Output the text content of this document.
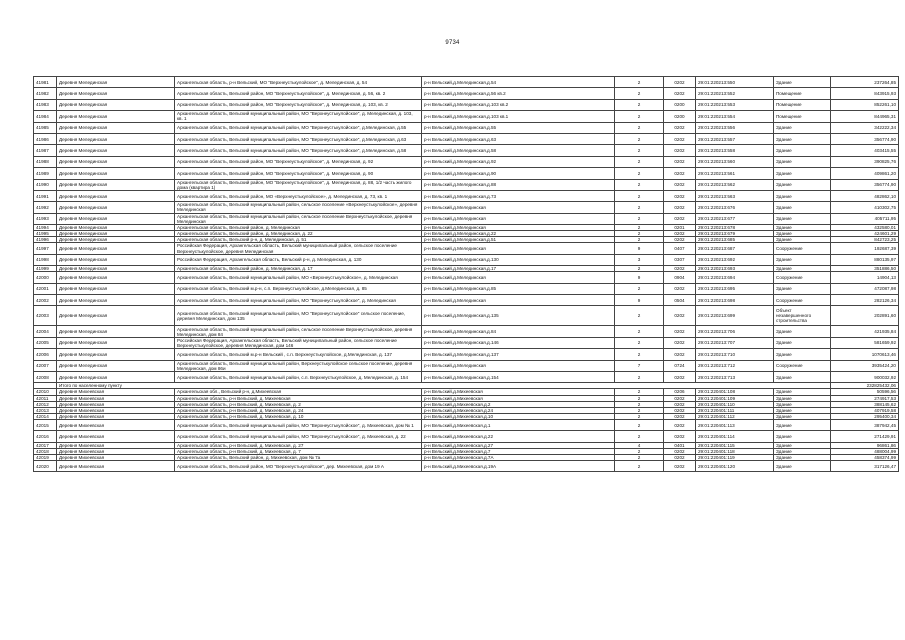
9734
41981	Деревня Мелединская	Архангельская область, р-н Вельский, МО "Верхнеустькулойское", д. Мелединская, д. 54	р-н Вельский,д.Мелединская,д.54	2	0202	29:01:220213:550	Здание	237264,85
41982	Деревня Мелединская	Архангельская область, Вельский район, МО "Верхнеустькулойское", д. Мелединская, д. 56, кв. 2	р-н Вельский,д.Мелединская,д.56 кв.2	2	0202	29:01:220213:552	Помещение	843915,93
41983	Деревня Мелединская	Архангельская область, Вельский район, МО "Верхнеустькулойское", д. Мелединская, д. 103, кв. 2	р-н Вельский,д.Мелединская,д.103 кв.2	2	0200	29:01:220213:553	Помещение	852261,10
41984	Деревня Мелединская	Архангельская область, Вельский муниципальный район, МО "Верхнеустькулойское", д. Мелединская, д. 103, кв. 1	р-н Вельский,д.Мелединская,д.103 кв.1	2	0200	29:01:220213:554	Помещение	844965,31
41985	Деревня Мелединская	Архангельская область, Вельский муниципальный район, МО "Верхнеустькулойское", д.Мелединская, д.55	р-н Вельский,д.Мелединская,д.55	2	0202	29:01:220213:556	Здание	342222,34
41986	Деревня Мелединская	Архангельская область, Вельский муниципальный район, МО "Верхнеустькулойское", д.Мелединская, д.63	р-н Вельский,д.Мелединская,д.63	2	0202	29:01:220213:557	Здание	356774,90
41987	Деревня Мелединская	Архангельская область, Вельский муниципальный район, МО "Верхнеустькулойское", д.Мелединская, д.58	р-н Вельский,д.Мелединская,д.58	2	0202	29:01:220213:558	Здание	403415,55
41988	Деревня Мелединская	Архангельская область, Вельский район, МО "Верхнеустькулойское", д. Мелединская, д. 92	р-н Вельский,д.Мелединская,д.92	2	0202	29:01:220213:560	Здание	390825,76
41989	Деревня Мелединская	Архангельская область, Вельский район, МО "Верхнеустькулойское", д. Мелединская, д. 90	р-н Вельский,д.Мелединская,д.90	2	0202	29:01:220213:561	Здание	409861,20
41990	Деревня Мелединская	Архангельская область, Вельский район, МО "Верхнеустькулойское", д. Мелединская, д. 88, 1/2 часть жилого дома (квартира 1)	р-н Вельский,д.Мелединская,д.88	2	0202	29:01:220213:562	Здание	356774,90
41991	Деревня Мелединская	Архангельская область, Вельский район, МО «Верхнеустькулойское», д. Мелединская, д. 73, кв. 1	р-н Вельский,д.Мелединская,д.73	2	0202	29:01:220213:563	Здание	482862,10
41992	Деревня Мелединская	Архангельская область, Вельский муниципальный район, сельское поселение «Верхнеустькулойское», деревня Мелединская	р-н Вельский,д.Мелединская	2	0202	29:01:220213:676	Здание	410302,75
41993	Деревня Мелединская	Архангельская область, Вельский муниципальный район, сельское поселение Верхнеустькулойское, деревня Мелединская	р-н Вельский,д.Мелединская	2	0202	29:01:220213:677	Здание	405711,95
41994	Деревня Мелединская	Архангельская область, Вельский район, д. Мелединская	р-н Вельский,д.Мелединская	2	0201	29:01:220213:678	Здание	432580,01
41995	Деревня Мелединская	Архангельская область, Вельский район, д. Мелединская, д. 22	р-н Вельский,д.Мелединская,д.22	2	0202	29:01:220213:679	Здание	424601,29
41996	Деревня Мелединская	Архангельская область, Вельский р-н, д. Мелединская, д. 51	р-н Вельский,д.Мелединская,д.51	2	0202	29:01:220213:685	Здание	842723,25
41997	Деревня Мелединская	Российская Федерация, Архангельская область, Вельский муниципальный район, сельское поселение Верхнеустькулойское, деревня Мелединская	р-н Вельский,д.Мелединская	9	0407	29:01:220213:687	Сооружение	192687,39
41998	Деревня Мелединская	Российская Федерация, Архангельская область, Вельский р-н, д. Мелединская, д. 130	р-н Вельский,д.Мелединская,д.130	3	0307	29:01:220213:692	Здание	880135,97
41999	Деревня Мелединская	Архангельская область, Вельский район, д. Мелединская, д. 17	р-н Вельский,д.Мелединская,д.17	2	0202	29:01:220213:693	Здание	351886,50
42000	Деревня Мелединская	Архангельская область, Вельский муниципальный район, МО «Верхнеустькулойское», д. Мелединская	р-н Вельский,д.Мелединская	9	0904	29:01:220213:694	Сооружение	14904,13
42001	Деревня Мелединская	Архангельская область, Вельский м.р-н, с.п. Верхнеустькулойское, д.Мелединская, д. 85	р-н Вельский,д.Мелединская,д.85	2	0202	29:01:220213:695	Здание	472087,98
42002	Деревня Мелединская	Архангельская область, Вельский муниципальный район, МО "Верхнеустькулойское", д. Мелединская	р-н Вельский,д.Мелединская	9	0504	29:01:220213:698	Сооружение	282126,34
42003	Деревня Мелединская	Архангельская область, Вельский муниципальный район, МО "Верхнеустькулойское" сельское поселение, деревня Мелединская, дом 135	р-н Вельский,д.Мелединская,д.135	2	0202	29:01:220213:699	Объект незавершенного строительства	202891,60
42004	Деревня Мелединская	Архангельская область, Вельский муниципальный район, сельское поселение Верхнеустькулойское, деревня Мелединская, дом 84	р-н Вельский,д.Мелединская,д.84	2	0202	29:01:220213:706	Здание	421935,84
42005	Деревня Мелединская	Российская Федерация, Архангельская область, Вельский муниципальный район, сельское поселение Верхнеустькулойское, деревня Мелединская, дом 146	р-н Вельский,д.Мелединская,д.146	2	0202	29:01:220213:707	Здание	581659,92
42006	Деревня Мелединская	Архангельская область, Вельский м.р-н Вельский , с.п. Верхнеустькулойское, д.Мелединская, д. 137	р-н Вельский,д.Мелединская,д.137	2	0202	29:01:220213:710	Здание	1070613,46
42007	Деревня Мелединская	Архангельская область, Вельский муниципальный район, Верхнеустькулойское сельское поселение, деревня Мелединская, дом 86и	р-н Вельский,д.Мелединская	7	0724	29:01:220213:712	Сооружение	3935424,20
42008	Деревня Мелединская	Архангельская область, Вельский муниципальный район, с.п. Верхнеустькулойское, д. Мелединская, д. 154	р-н Вельский,д.Мелединская,д.154	2	0202	29:01:220213:713	Здание	900032,92
	Итого по населенному пункту							232825432,06
42010	Деревня Михеевская	Архангельская обл., Вельский р-н, д.Михеевская	р-н Вельский,д.Михеевская	2	0206	29:01:220401:108	Здание	50596,56
42011	Деревня Михеевская	Архангельская область, р-н Вельский, д. Михеевская	р-н Вельский,д.Михеевская	2	0202	29:01:220401:109	Здание	274917,53
42012	Деревня Михеевская	Архангельская область, р-н Вельский, д. Михеевская, д. 2	р-н Вельский,д.Михеевская,д.2	2	0202	29:01:220401:110	Здание	388145,62
42013	Деревня Михеевская	Архангельская область, р-н Вельский, д. Михеевская, д. 24	р-н Вельский,д.Михеевская,д.24	2	0202	29:01:220401:111	Здание	407919,58
42014	Деревня Михеевская	Архангельская область, р-н Вельский, д. Михеевская, д. 10	р-н Вельский,д.Михеевская,д.10	2	0202	29:01:220401:112	Здание	295400,34
42015	Деревня Михеевская	Архангельская область, Вельский муниципальный район, МО "Верхнеустькулойское", д. Михеевская, дом № 1	р-н Вельский,д.Михеевская,д.1	2	0202	29:01:220401:113	Здание	387942,45
42016	Деревня Михеевская	Архангельская область, Вельский муниципальный район, МО "Верхнеустькулойское", д. Михеевская, д. 22	р-н Вельский,д.Михеевская,д.22	2	0202	29:01:220401:114	Здание	271429,91
42017	Деревня Михеевская	Архангельская область, р-н Вельский, д. Михеевская, д. 27	р-н Вельский,д.Михеевская,д.27	4	0401	29:01:220401:115	Здание	96861,86
42018	Деревня Михеевская	Архангельская область, р-н Вельский, д. Михеевская, д. 7	р-н Вельский,д.Михеевская,д.7	2	0202	29:01:220401:118	Здание	488004,99
42019	Деревня Михеевская	Архангельская область, Вельский район, д. Михеевская, дом № 7а	р-н Вельский,д.Михеевская,д.7А	2	0202	29:01:220401:119	Здание	458374,99
42020	Деревня Михеевская	Архангельская область, Вельский район, МО "Верхнеустькулойское", дер. Михеевская, дом 19 А	р-н Вельский,д.Михеевская,д.19А	2	0202	29:01:220401:120	Здание	317126,47
